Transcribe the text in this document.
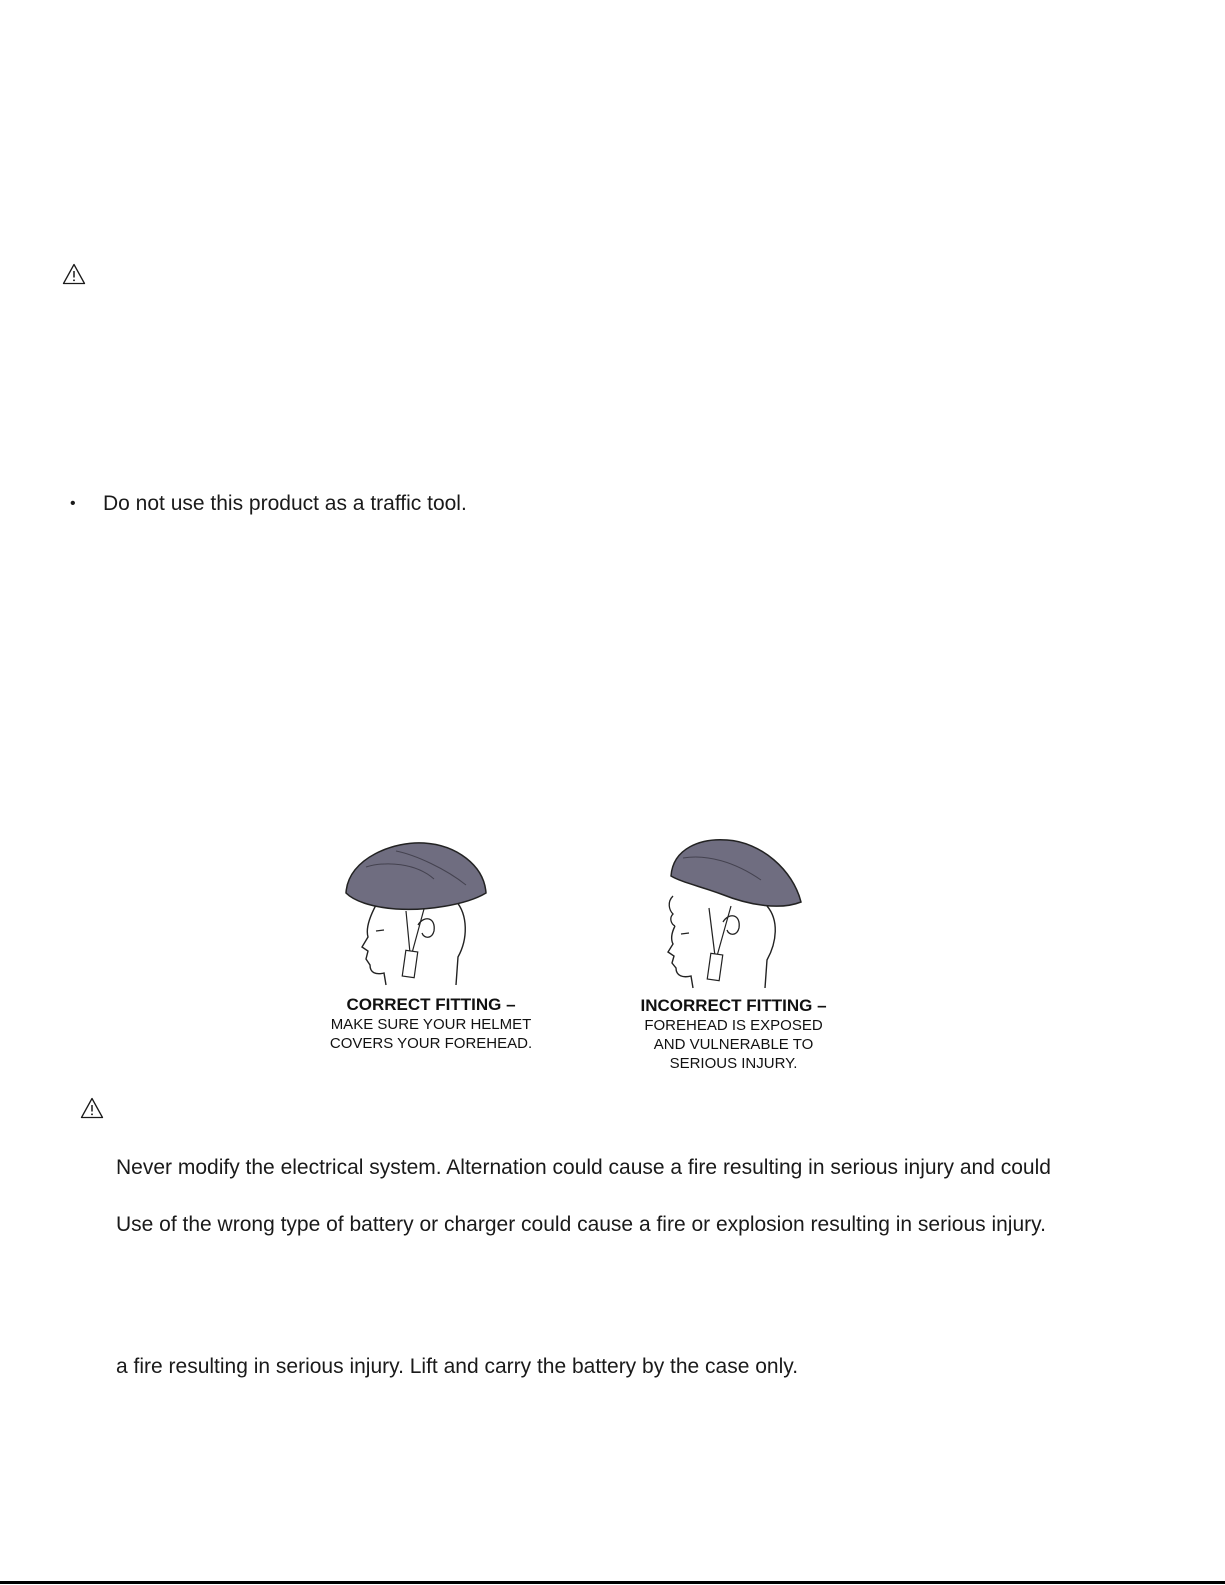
• Do not use this product as a traffic tool.
CORRECT FITTING –
MAKE SURE YOUR HELMET
COVERS YOUR FOREHEAD.
INCORRECT FITTING –
FOREHEAD IS EXPOSED
AND VULNERABLE TO
SERIOUS INJURY.
Never modify the electrical system. Alternation could cause a fire resulting in serious injury and could
Use of the wrong type of battery or charger could cause a fire or explosion resulting in serious injury.
a fire resulting in serious injury. Lift and carry the battery by the case only.
